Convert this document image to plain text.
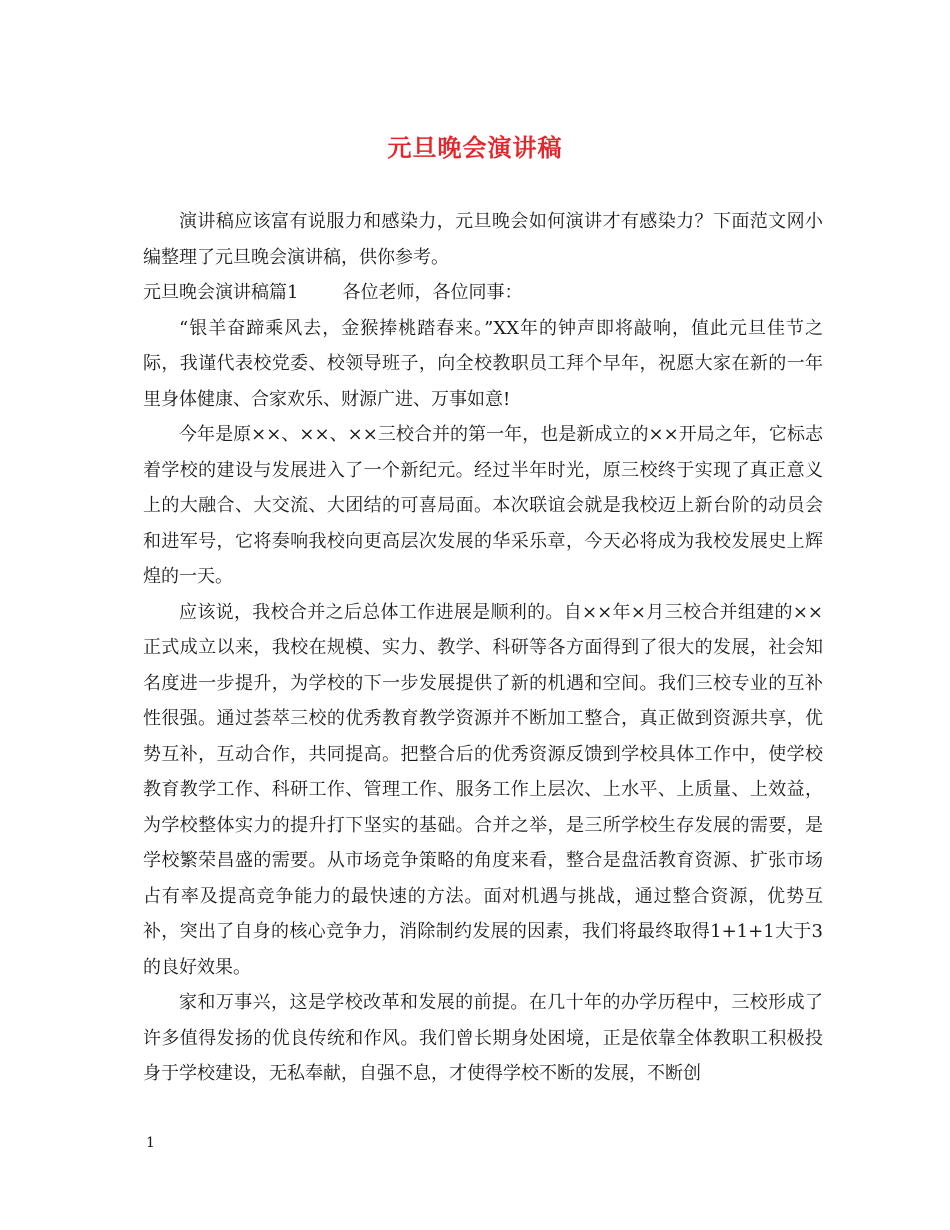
元旦晚会演讲稿

演讲稿应该富有说服力和感染力，元旦晚会如何演讲才有感染力？下面范文网小编整理了元旦晚会演讲稿，供你参考。

元旦晚会演讲稿篇1 各位老师，各位同事：

“银羊奋蹄乘风去，金猴捧桃踏春来。”XX年的钟声即将敲响，值此元旦佳节之际，我谨代表校党委、校领导班子，向全校教职员工拜个早年，祝愿大家在新的一年里身体健康、合家欢乐、财源广进、万事如意!

今年是原××、××、××三校合并的第一年，也是新成立的××开局之年，它标志着学校的建设与发展进入了一个新纪元。经过半年时光，原三校终于实现了真正意义上的大融合、大交流、大团结的可喜局面。本次联谊会就是我校迈上新台阶的动员会和进军号，它将奏响我校向更高层次发展的华采乐章，今天必将成为我校发展史上辉煌的一天。

应该说，我校合并之后总体工作进展是顺利的。自××年×月三校合并组建的××正式成立以来，我校在规模、实力、教学、科研等各方面得到了很大的发展，社会知名度进一步提升，为学校的下一步发展提供了新的机遇和空间。我们三校专业的互补性很强。通过荟萃三校的优秀教育教学资源并不断加工整合，真正做到资源共享，优势互补，互动合作，共同提高。把整合后的优秀资源反馈到学校具体工作中，使学校教育教学工作、科研工作、管理工作、服务工作上层次、上水平、上质量、上效益，为学校整体实力的提升打下坚实的基础。合并之举，是三所学校生存发展的需要，是学校繁荣昌盛的需要。从市场竞争策略的角度来看，整合是盘活教育资源、扩张市场占有率及提高竞争能力的最快速的方法。面对机遇与挑战，通过整合资源，优势互补，突出了自身的核心竞争力，消除制约发展的因素，我们将最终取得1+1+1大于3的良好效果。

家和万事兴，这是学校改革和发展的前提。在几十年的办学历程中，三校形成了许多值得发扬的优良传统和作风。我们曾长期身处困境，正是依靠全体教职工积极投身于学校建设，无私奉献，自强不息，才使得学校不断的发展，不断创

1
